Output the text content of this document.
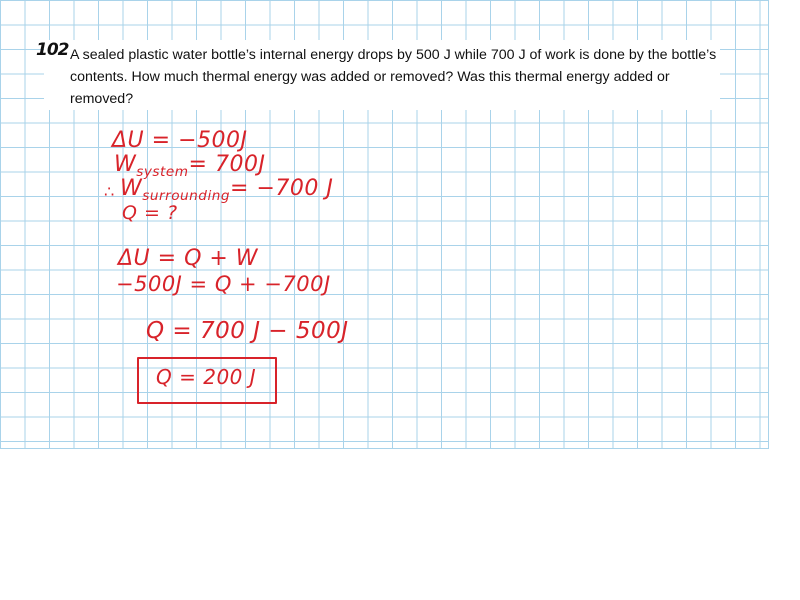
102 A sealed plastic water bottle’s internal energy drops by 500 J while 700 J of work is done by the bottle’s contents. How much thermal energy was added or removed? Was this thermal energy added or removed?
ΔU = −500J
$W_{system}= 700J$
∴ $W_{surrounding}= -700$ J
Q = ?
ΔU = Q + W
−500J = Q + −700J
Q = 700 J − 500J
Q = 200 J
